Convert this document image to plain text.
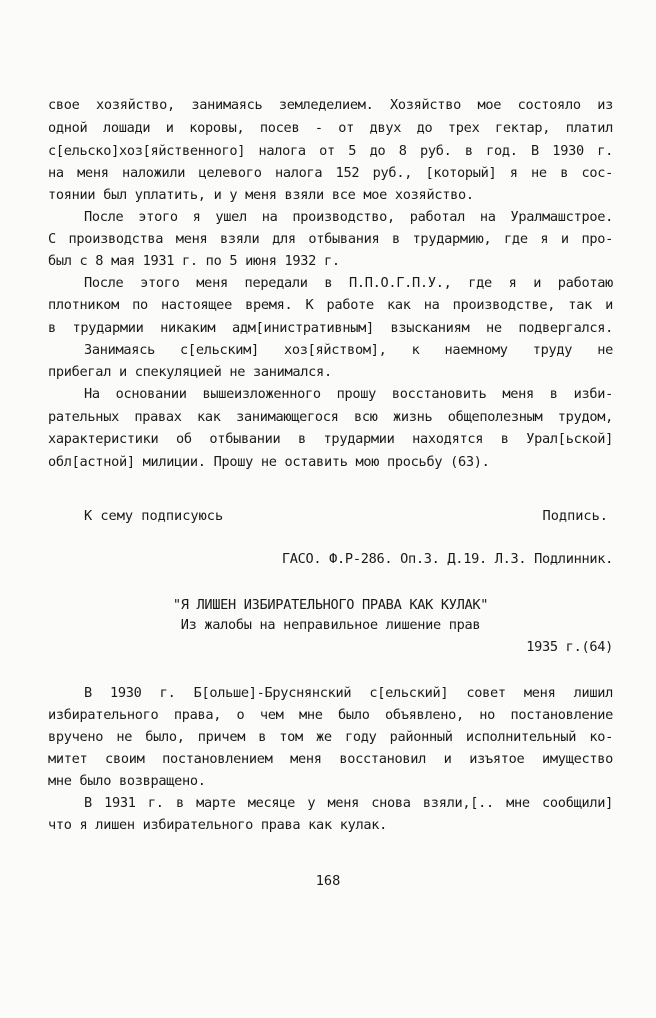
свое хозяйство, занимаясь земледелием. Хозяйство мое состояло из
одной лошади и коровы, посев - от двух до трех гектар, платил
с[ельско]хоз[яйственного] налога от 5 до 8 руб. в год. В 1930 г.
на меня наложили целевого налога 152 руб., [который] я не в сос-
тоянии был уплатить, и у меня взяли все мое хозяйство.
После этого я ушел на производство, работал на Уралмашстрое.
С производства меня взяли для отбывания в трудармию, где я и про-
был с 8 мая 1931 г. по 5 июня 1932 г.
После этого меня передали в П.П.О.Г.П.У., где я и работаю
плотником по настоящее время. К работе как на производстве, так и
в трудармии никаким адм[инистративным] взысканиям не подвергался.
Занимаясь с[ельским] хоз[яйством], к наемному труду не
прибегал и спекуляцией не занимался.
На основании вышеизложенного прошу восстановить меня в изби-
рательных правах как занимающегося всю жизнь общеполезным трудом,
характеристики об отбывании в трудармии находятся в Урал[ьской]
обл[астной] милиции. Прошу не оставить мою просьбу (63).
К сему подписуюсь	Подпись.
ГАСО. Ф.Р-286. Оп.3. Д.19. Л.3. Подлинник.
"Я ЛИШЕН ИЗБИРАТЕЛЬНОГО ПРАВА КАК КУЛАК"
Из жалобы на неправильное лишение прав
1935 г.(64)
В 1930 г. Б[ольше]-Бруснянский с[ельский] совет меня лишил
избирательного права, о чем мне было объявлено, но постановление
вручено не было, причем в том же году районный исполнительный ко-
митет своим постановлением меня восстановил и изъятое имущество
мне было возвращено.
В 1931 г. в марте месяце у меня снова взяли,[.. мне сообщили]
что я лишен избирательного права как кулак.
168
